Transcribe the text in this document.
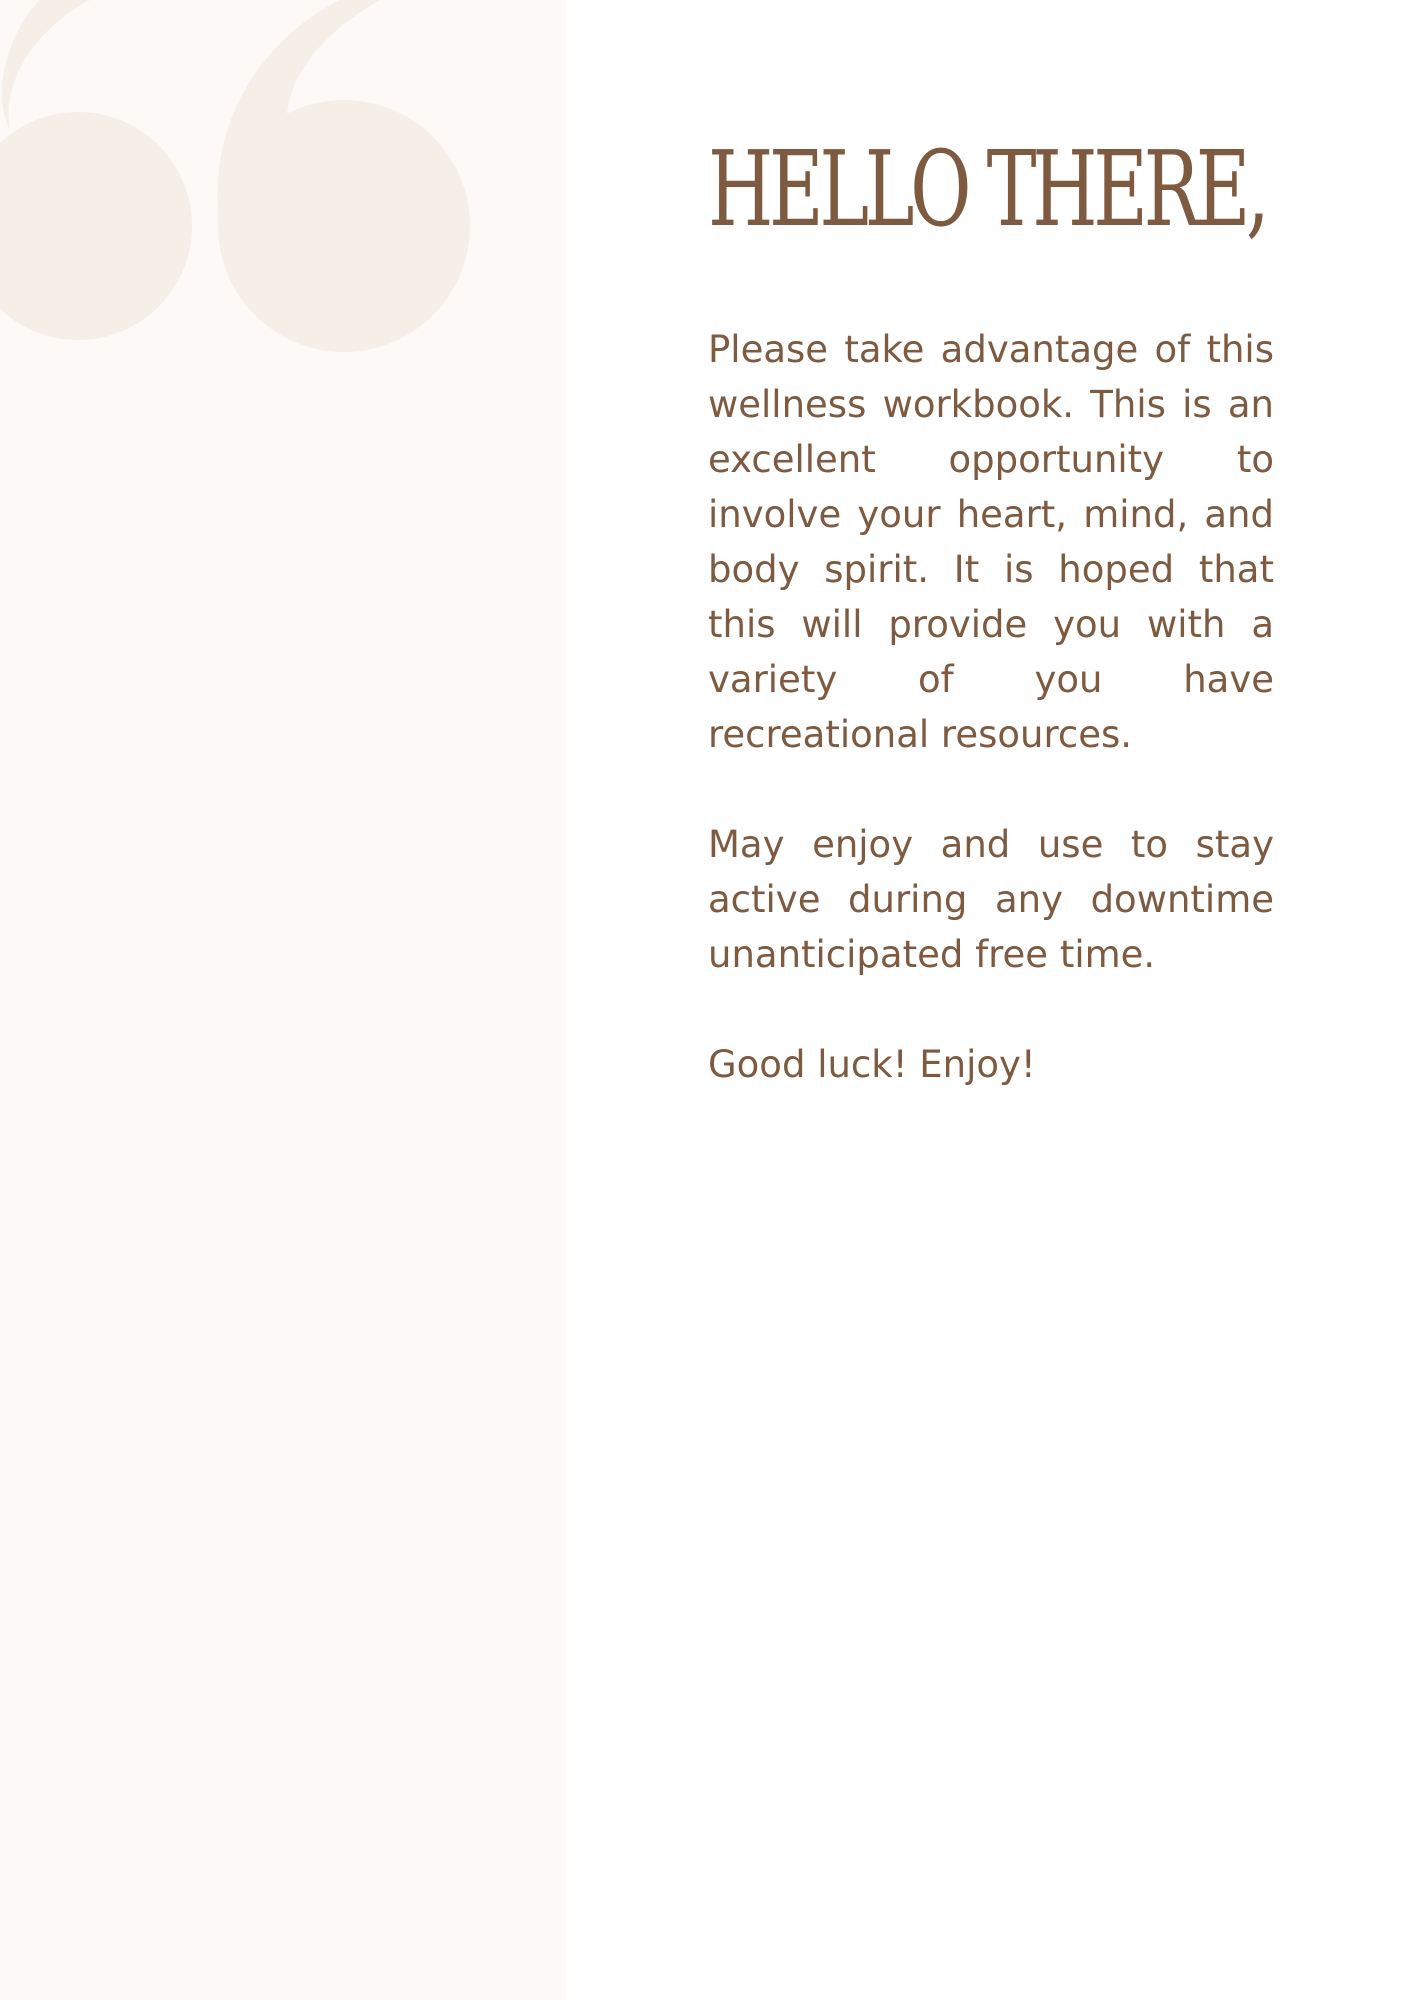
HELLO THERE,

Please take advantage of this wellness workbook. This is an excellent opportunity to involve your heart, mind, and body spirit. It is hoped that this will provide you with a variety of you have recreational resources.

May enjoy and use to stay active during any downtime unanticipated free time.

Good luck! Enjoy!
